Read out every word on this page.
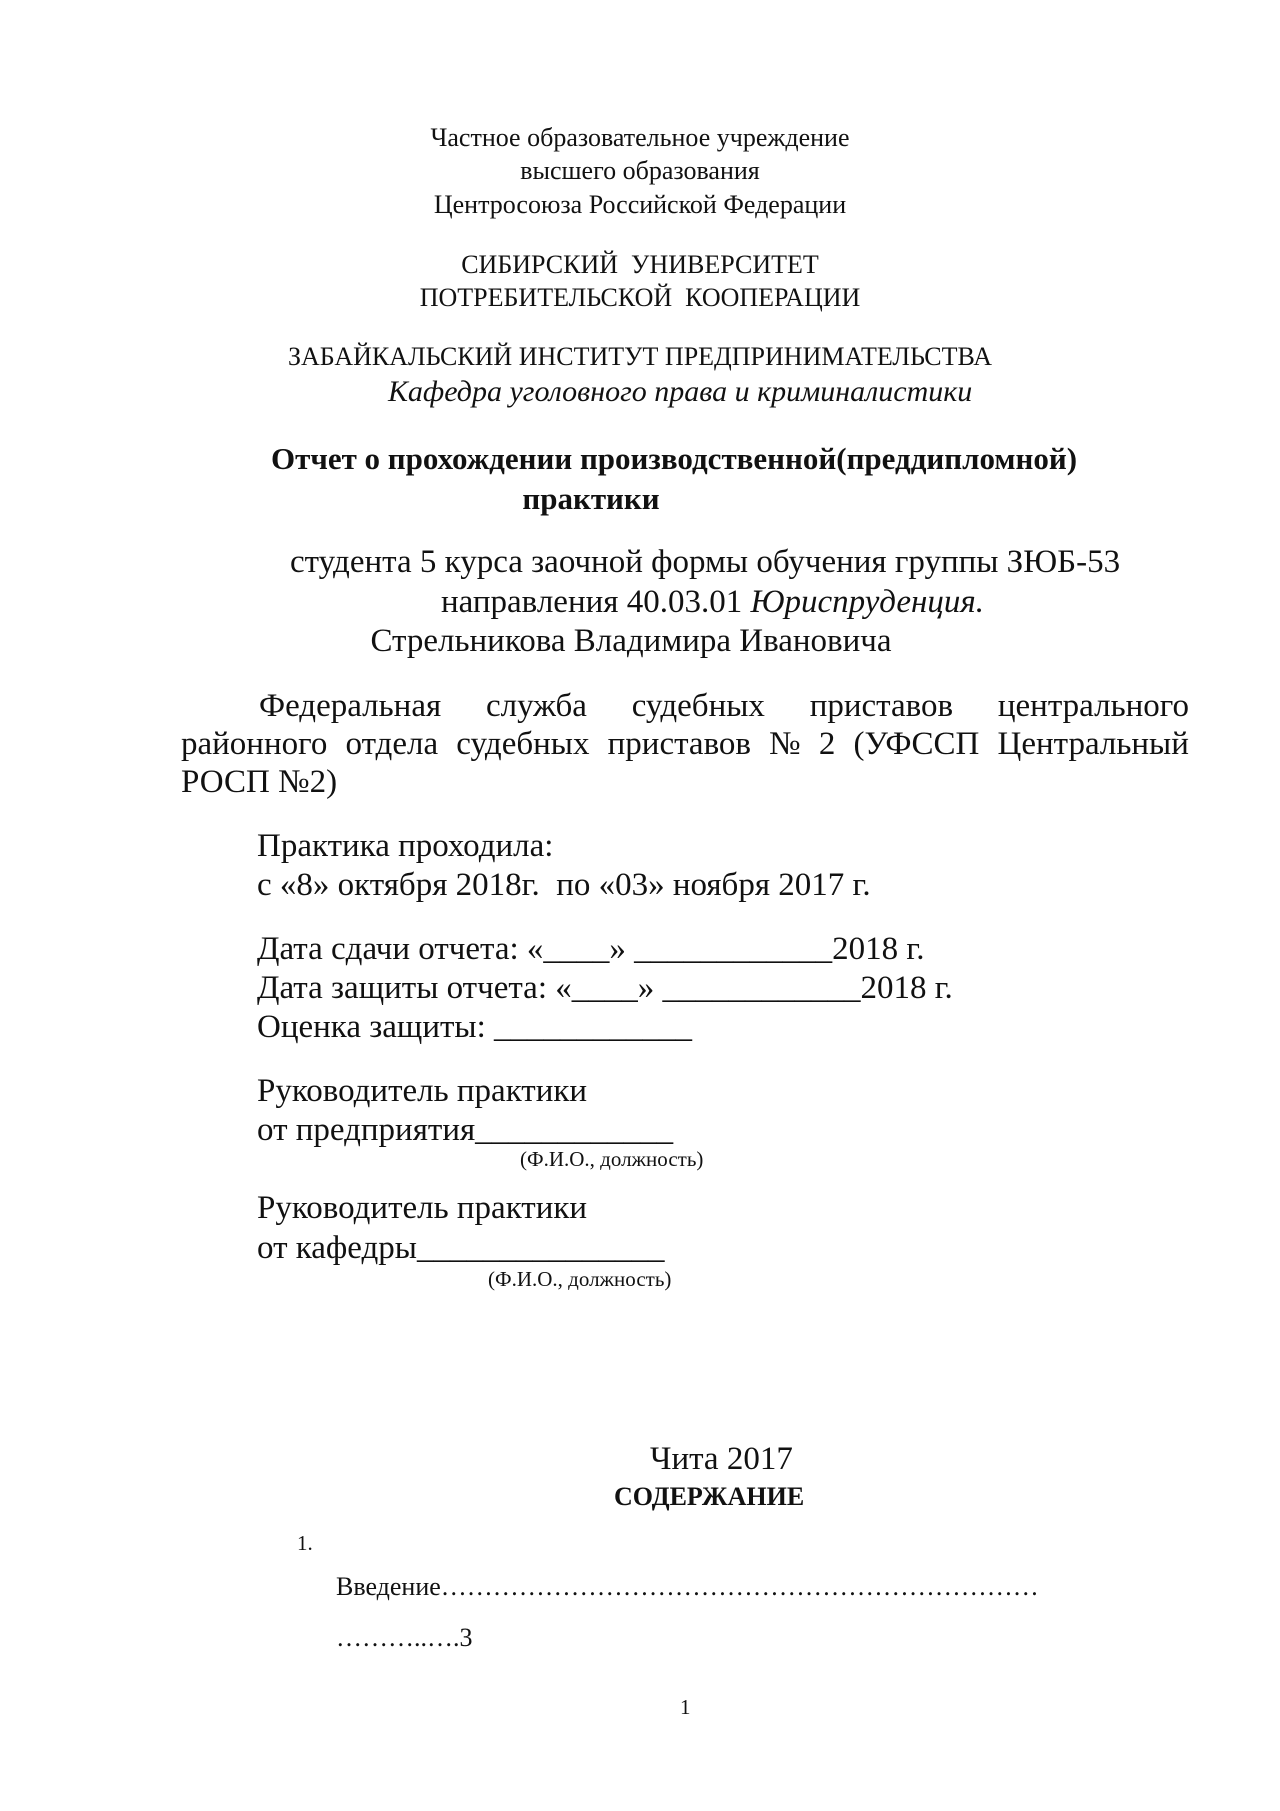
Частное образовательное учреждение
высшего образования
Центросоюза Российской Федерации
СИБИРСКИЙ  УНИВЕРСИТЕТ
ПОТРЕБИТЕЛЬСКОЙ  КООПЕРАЦИИ
ЗАБАЙКАЛЬСКИЙ ИНСТИТУТ ПРЕДПРИНИМАТЕЛЬСТВА
Кафедра уголовного права и криминалистики
Отчет о прохождении производственной(преддипломной)
практики
студента 5 курса заочной формы обучения группы ЗЮБ-53
направления 40.03.01 Юриспруденция.
Стрельникова Владимира Ивановича
Федеральная служба судебных приставов центрального
районного отдела судебных приставов № 2 (УФССП Центральный
РОСП №2)
Практика проходила:
с «8» октября 2018г.  по «03» ноября 2017 г.
Дата сдачи отчета: «____» ____________2018 г.
Дата защиты отчета: «____» ____________2018 г.
Оценка защиты: ____________
Руководитель практики
от предприятия____________
(Ф.И.О., должность)
Руководитель практики
от кафедры_______________
(Ф.И.О., должность)
Чита 2017
СОДЕРЖАНИЕ
1.
Введение……………………………………………………………
………..….3
1
